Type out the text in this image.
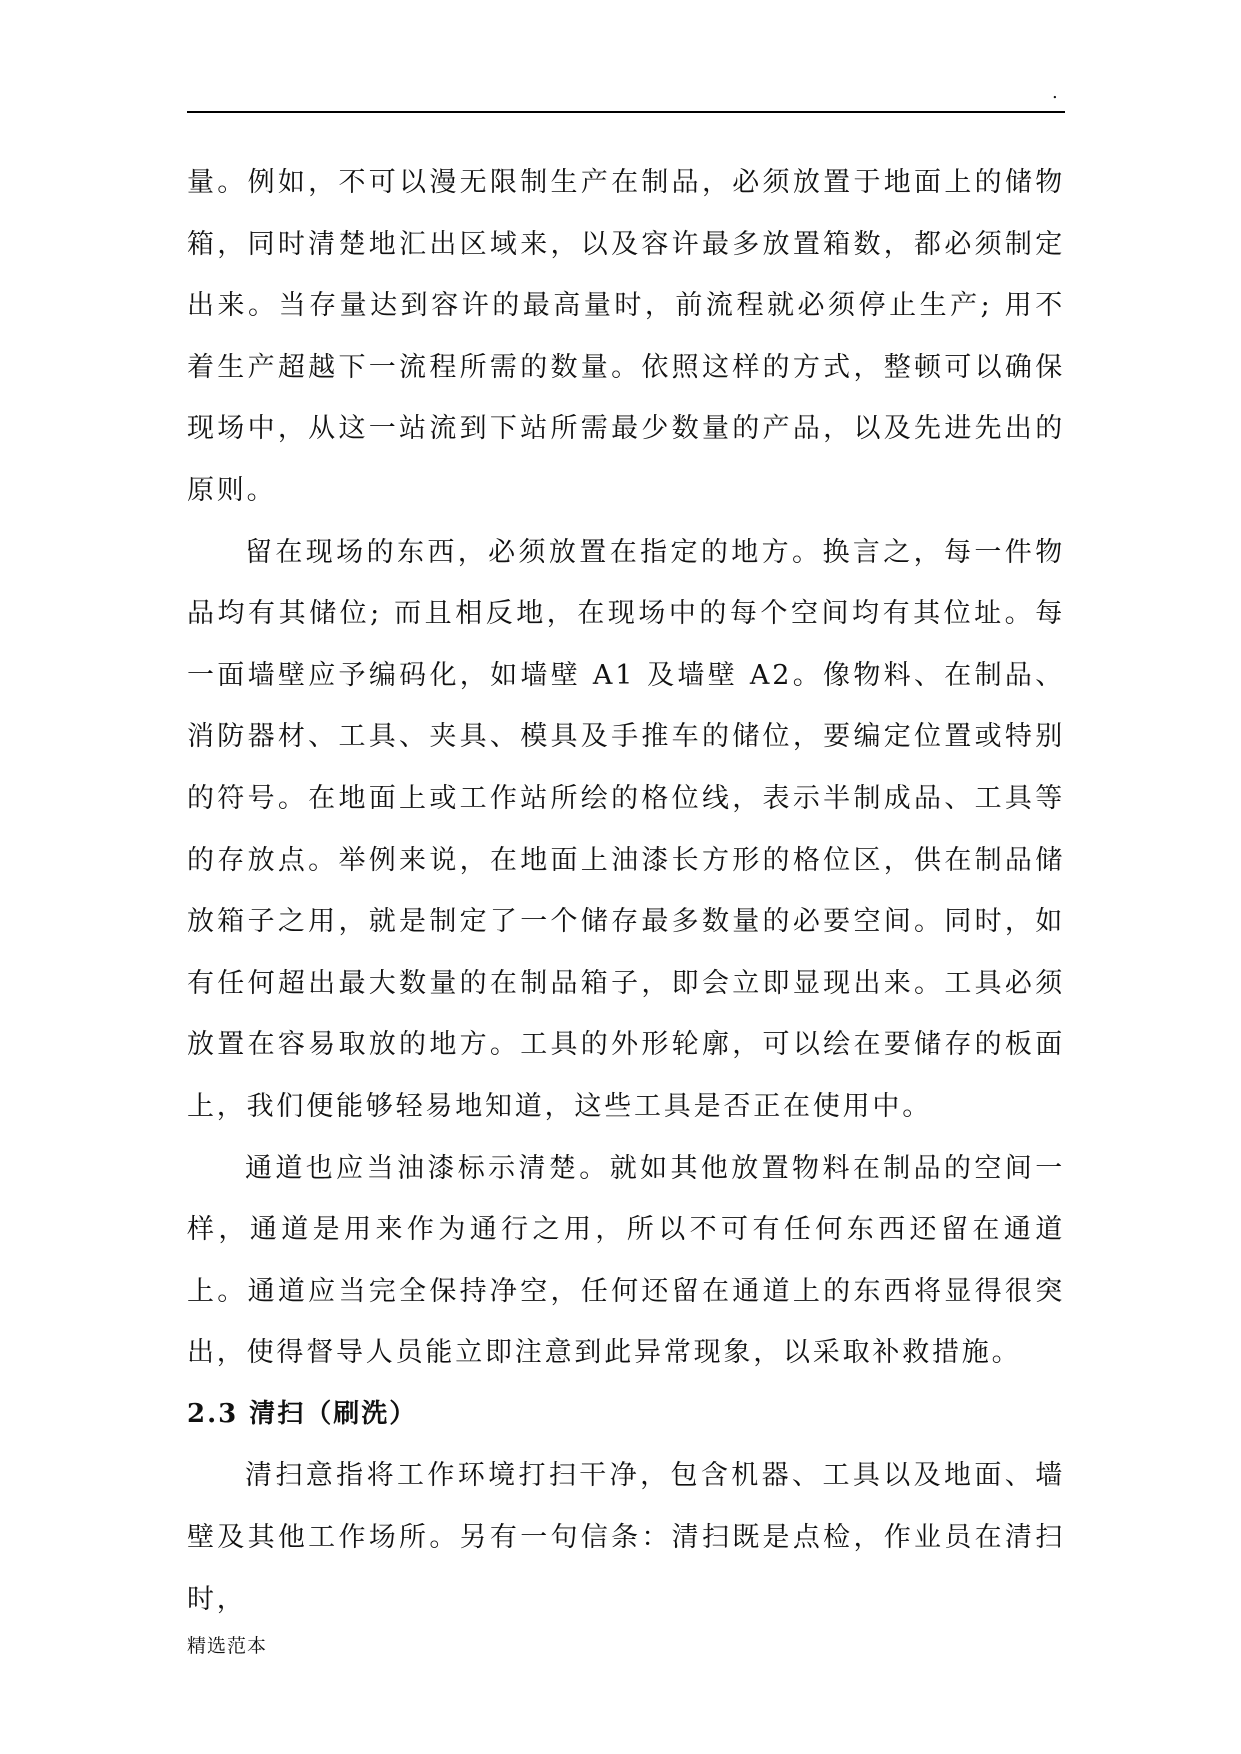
.

量。例如，不可以漫无限制生产在制品，必须放置于地面上的储物箱，同时清楚地汇出区域来，以及容许最多放置箱数，都必须制定出来。当存量达到容许的最高量时，前流程就必须停止生产; 用不着生产超越下一流程所需的数量。依照这样的方式，整顿可以确保现场中，从这一站流到下站所需最少数量的产品，以及先进先出的原则。

留在现场的东西，必须放置在指定的地方。换言之，每一件物品均有其储位; 而且相反地，在现场中的每个空间均有其位址。每一面墙壁应予编码化，如墙壁 A1 及墙壁 A2。像物料、在制品、消防器材、工具、夹具、模具及手推车的储位，要编定位置或特别的符号。在地面上或工作站所绘的格位线，表示半制成品、工具等的存放点。举例来说，在地面上油漆长方形的格位区，供在制品储放箱子之用，就是制定了一个储存最多数量的必要空间。同时，如有任何超出最大数量的在制品箱子，即会立即显现出来。工具必须放置在容易取放的地方。工具的外形轮廓，可以绘在要储存的板面上，我们便能够轻易地知道，这些工具是否正在使用中。

通道也应当油漆标示清楚。就如其他放置物料在制品的空间一样，通道是用来作为通行之用，所以不可有任何东西还留在通道上。通道应当完全保持净空，任何还留在通道上的东西将显得很突出，使得督导人员能立即注意到此异常现象，以采取补救措施。

2.3 清扫（刷洗）

清扫意指将工作环境打扫干净，包含机器、工具以及地面、墙壁及其他工作场所。另有一句信条：清扫既是点检，作业员在清扫时，

精选范本
